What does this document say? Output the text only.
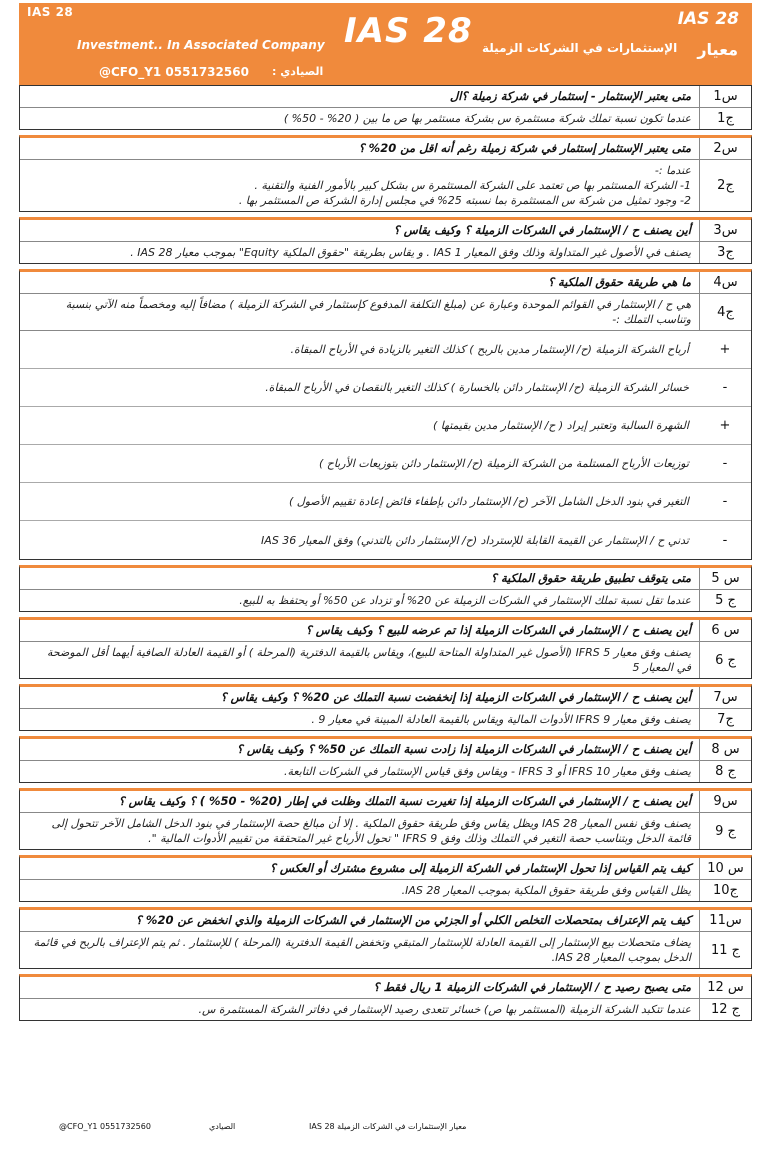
IAS 28
Investment.. In Associated Company
@CFO_Y1 0551732560 الصيادي :
IAS 28 الإستثمارات في الشركات الزميلة
IAS 28
معيار
س1
متى يعتبر الإستثمار - إستثمار في شركة زميلة ؟ال
ج1
عندما تكون نسبة تملك شركة مستثمرة س بشركة مستثمر بها ص ما بين ( 20% - 50% )
س2
متى يعتبر الإستثمار إستثمار في شركة زميلة رغم أنه اقل من 20% ؟
ج2
عندما :-
1- الشركة المستثمر بها ص تعتمد على الشركة المستثمرة س بشكل كبير بالأمور الفنية والتقنية .
2- وجود تمثيل من شركة س المستثمرة بما نسبته 25% في مجلس إدارة الشركة ص المستثمر بها .
س3
أين يصنف ح / الإستثمار في الشركات الزميلة ؟ وكيف يقاس ؟
ج3
يصنف في الأصول غير المتداولة وذلك وفق المعيار IAS 1 . و يقاس بطريقة "حقوق الملكية Equity" بموجب معيار IAS 28 .
س4
ما هي طريقة حقوق الملكية ؟
ج4
هي ح / الإستثمار في القوائم الموحدة وعبارة عن (مبلغ التكلفة المدفوع كإستثمار في الشركة الزميلة ) مضافاً إليه ومخصماً منه الآتي بنسبة وتناسب التملك :-
+
أرباح الشركة الزميلة (ح/ الإستثمار مدين بالربح ) كذلك التغير بالزيادة في الأرباح المبقاة.
-
خسائر الشركة الزميلة (ح/ الإستثمار دائن بالخسارة ) كذلك التغير بالنقصان في الأرباح المبقاة.
+
الشهرة السالبة وتعتبر إيراد ( ح/ الإستثمار مدين بقيمتها )
-
توزيعات الأرباح المستلمة من الشركة الزميلة (ح/ الإستثمار دائن بتوزيعات الأرباح )
-
التغير في بنود الدخل الشامل الآخر (ح/ الإستثمار دائن بإطفاء فائض إعادة تقييم الأصول )
-
تدني ح / الإستثمار عن القيمة القابلة للإسترداد (ح/ الإستثمار دائن بالتدني) وفق المعيار IAS 36
س 5
متى يتوقف تطبيق طريقة حقوق الملكية ؟
ج 5
عندما تقل نسبة تملك الإستثمار في الشركات الزميلة عن 20% أو تزداد عن 50% أو يحتفظ به للبيع.
س 6
أين يصنف ح / الإستثمار في الشركات الزميلة إذا تم عرضه للبيع ؟ وكيف يقاس ؟
ج 6
يصنف وفق معيار IFRS 5 (الأصول غير المتداولة المتاحة للبيع)، ويقاس بالقيمة الدفترية (المرحلة ) أو القيمة العادلة الصافية أيهما أقل الموضحة في المعيار 5
س7
أين يصنف ح / الإستثمار في الشركات الزميلة إذا إنخفضت نسبة التملك عن 20% ؟ وكيف يقاس ؟
ج7
يصنف وفق معيار IFRS 9 الأدوات المالية ويقاس بالقيمة العادلة المبينة في معيار 9 .
س 8
أين يصنف ح / الإستثمار في الشركات الزميلة إذا زادت نسبة التملك عن 50% ؟ وكيف يقاس ؟
ج 8
يصنف وفق معيار IFRS 10 أو IFRS 3 - ويقاس وفق قياس الإستثمار في الشركات التابعة.
س9
أين يصنف ح / الإستثمار في الشركات الزميلة إذا تغيرت نسبة التملك وظلت في إطار (20% - 50% ) ؟ وكيف يقاس ؟
ج 9
يصنف وفق نفس المعيار IAS 28 ويظل يقاس وفق طريقة حقوق الملكية . إلا أن مبالغ حصة الإستثمار في بنود الدخل الشامل الآخر تتحول إلى قائمة الدخل وبتناسب حصة التغير في التملك وذلك وفق IFRS 9 " تحول الأرباح غير المتحققة من تقييم الأدوات المالية ".
س 10
كيف يتم القياس إذا تحول الإستثمار في الشركة الزميلة إلى مشروع مشترك أو العكس ؟
ج10
يظل القياس وفق طريقة حقوق الملكية بموجب المعيار IAS 28.
س11
كيف يتم الإعتراف بمتحصلات التخلص الكلي أو الجزئي من الإستثمار في الشركات الزميلة والذي انخفض عن 20% ؟
ج 11
يضاف متحصلات بيع الإستثمار إلى القيمة العادلة للإستثمار المتبقي وتخفض القيمة الدفترية (المرحلة ) للإستثمار . ثم يتم الإعتراف بالربح في قائمة الدخل بموجب المعيار IAS 28.
س 12
متى يصبح رصيد ح / الإستثمار في الشركات الزميلة 1 ريال فقط ؟
ج 12
عندما تتكبد الشركة الزميلة (المستثمر بها ص) خسائر تتعدى رصيد الإستثمار في دفاتر الشركة المستثمرة س.
@CFO_Y1 0551732560	الصيادي	معيار الإستثمارات في الشركات الزميلة IAS 28
